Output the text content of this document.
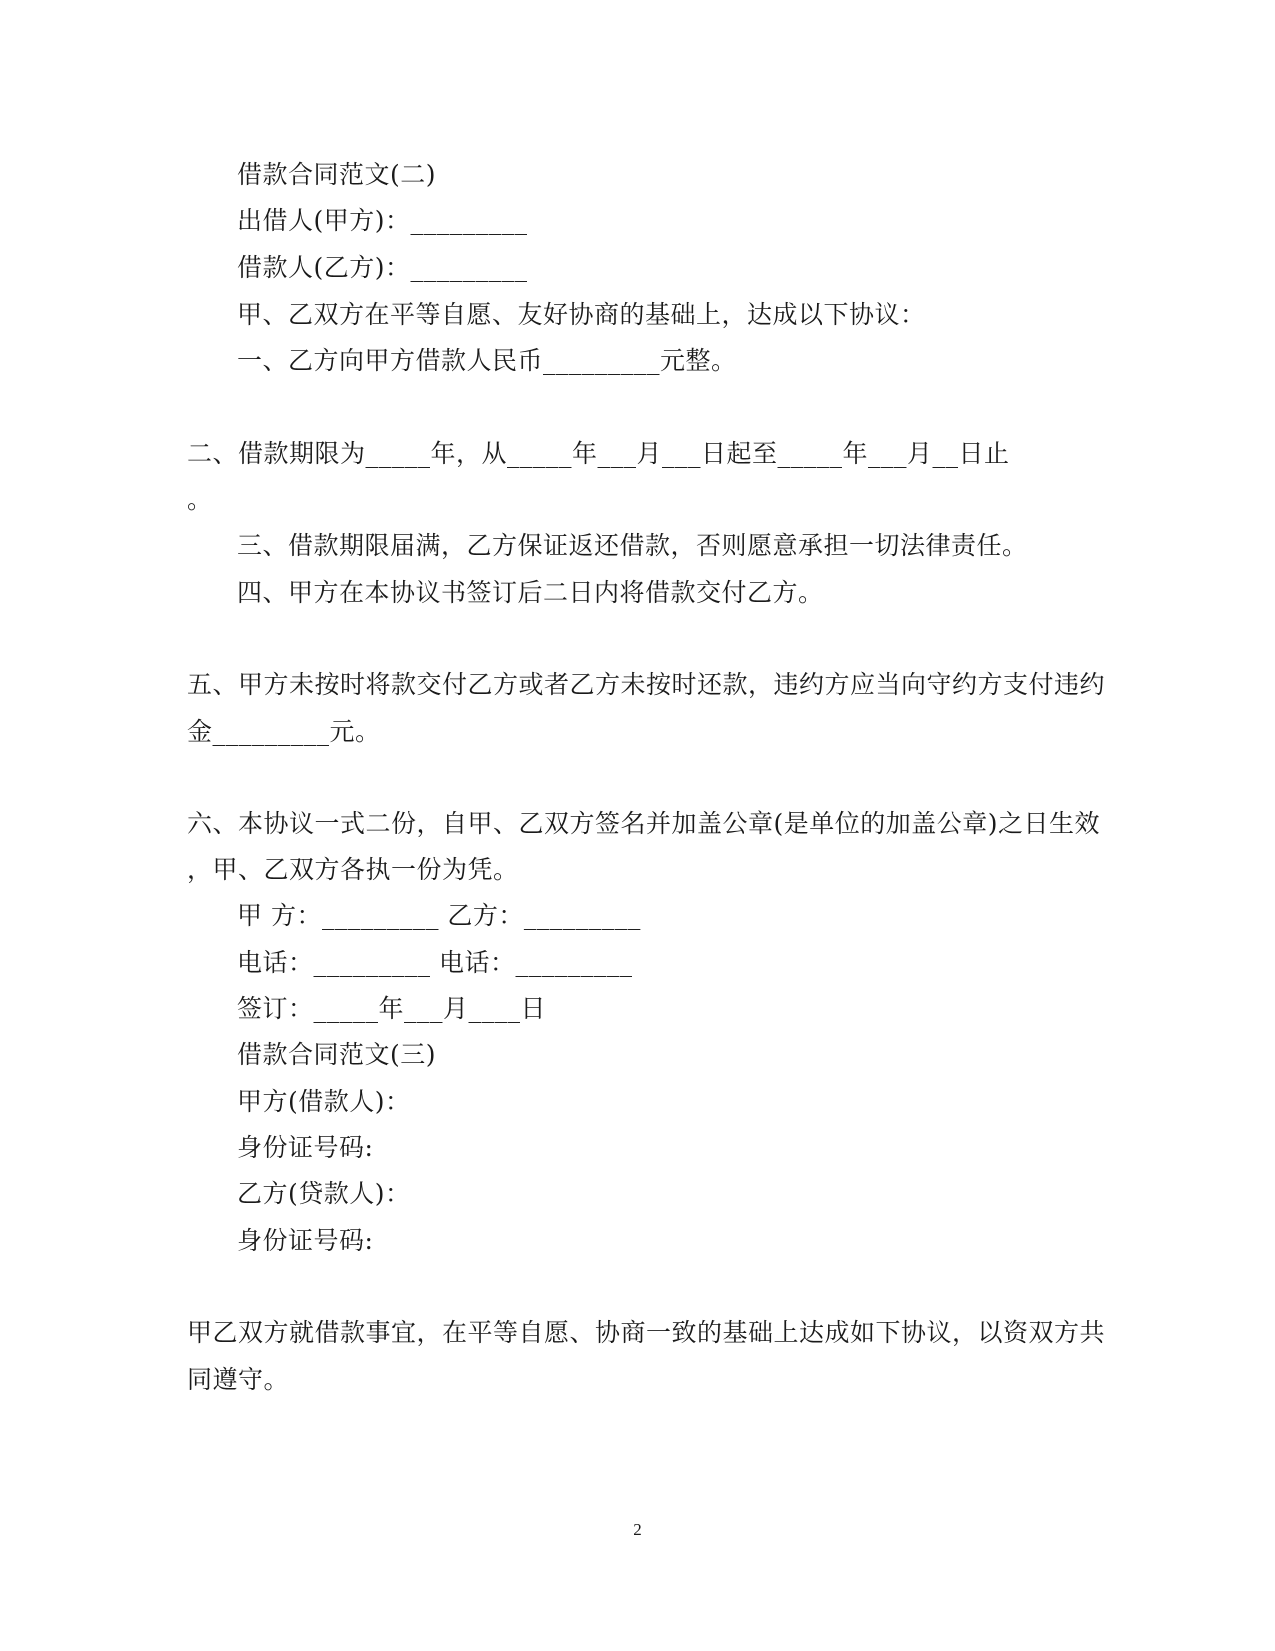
借款合同范文(二)
出借人(甲方)：_________
借款人(乙方)：_________
甲、乙双方在平等自愿、友好协商的基础上，达成以下协议：
一、乙方向甲方借款人民币_________元整。
二、借款期限为_____年，从_____年___月___日起至_____年___月__日止
。
三、借款期限届满，乙方保证返还借款，否则愿意承担一切法律责任。
四、甲方在本协议书签订后二日内将借款交付乙方。
五、甲方未按时将款交付乙方或者乙方未按时还款，违约方应当向守约方支付违约
金_________元。
六、本协议一式二份，自甲、乙双方签名并加盖公章(是单位的加盖公章)之日生效
，甲、乙双方各执一份为凭。
甲 方：_________ 乙方：_________
电话：_________ 电话：_________
签订：_____年___月____日
借款合同范文(三)
甲方(借款人)：
身份证号码:
乙方(贷款人)：
身份证号码:
甲乙双方就借款事宜，在平等自愿、协商一致的基础上达成如下协议，以资双方共
同遵守。
2
